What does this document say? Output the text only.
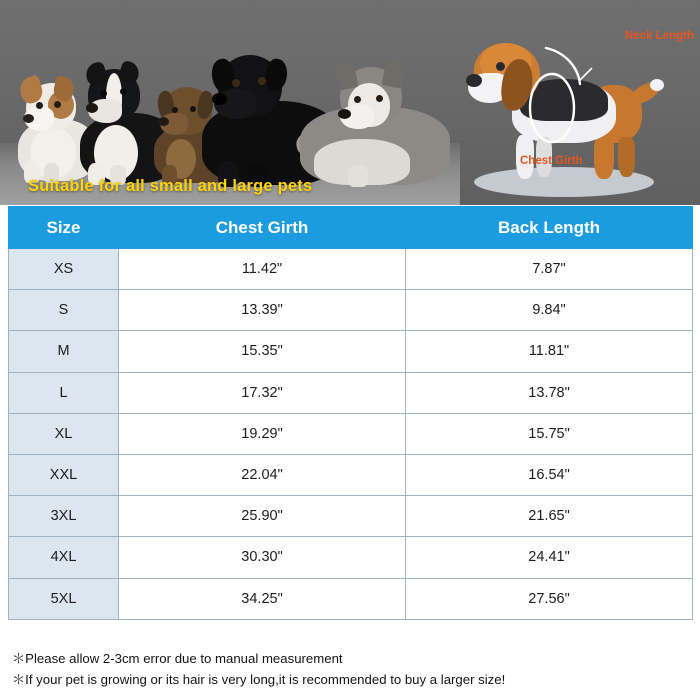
Suitable for all small and large pets
Neck Length
Chest Girth
Size	Chest Girth	Back Length
XS	11.42"	7.87"
S	13.39"	9.84"
M	15.35"	11.81"
L	17.32"	13.78"
XL	19.29"	15.75"
XXL	22.04"	16.54"
3XL	25.90"	21.65"
4XL	30.30"	24.41"
5XL	34.25"	27.56"
＊Please allow 2-3cm error due to manual measurement
＊If your pet is growing or its hair is very long,it is recommended to buy a larger size!
